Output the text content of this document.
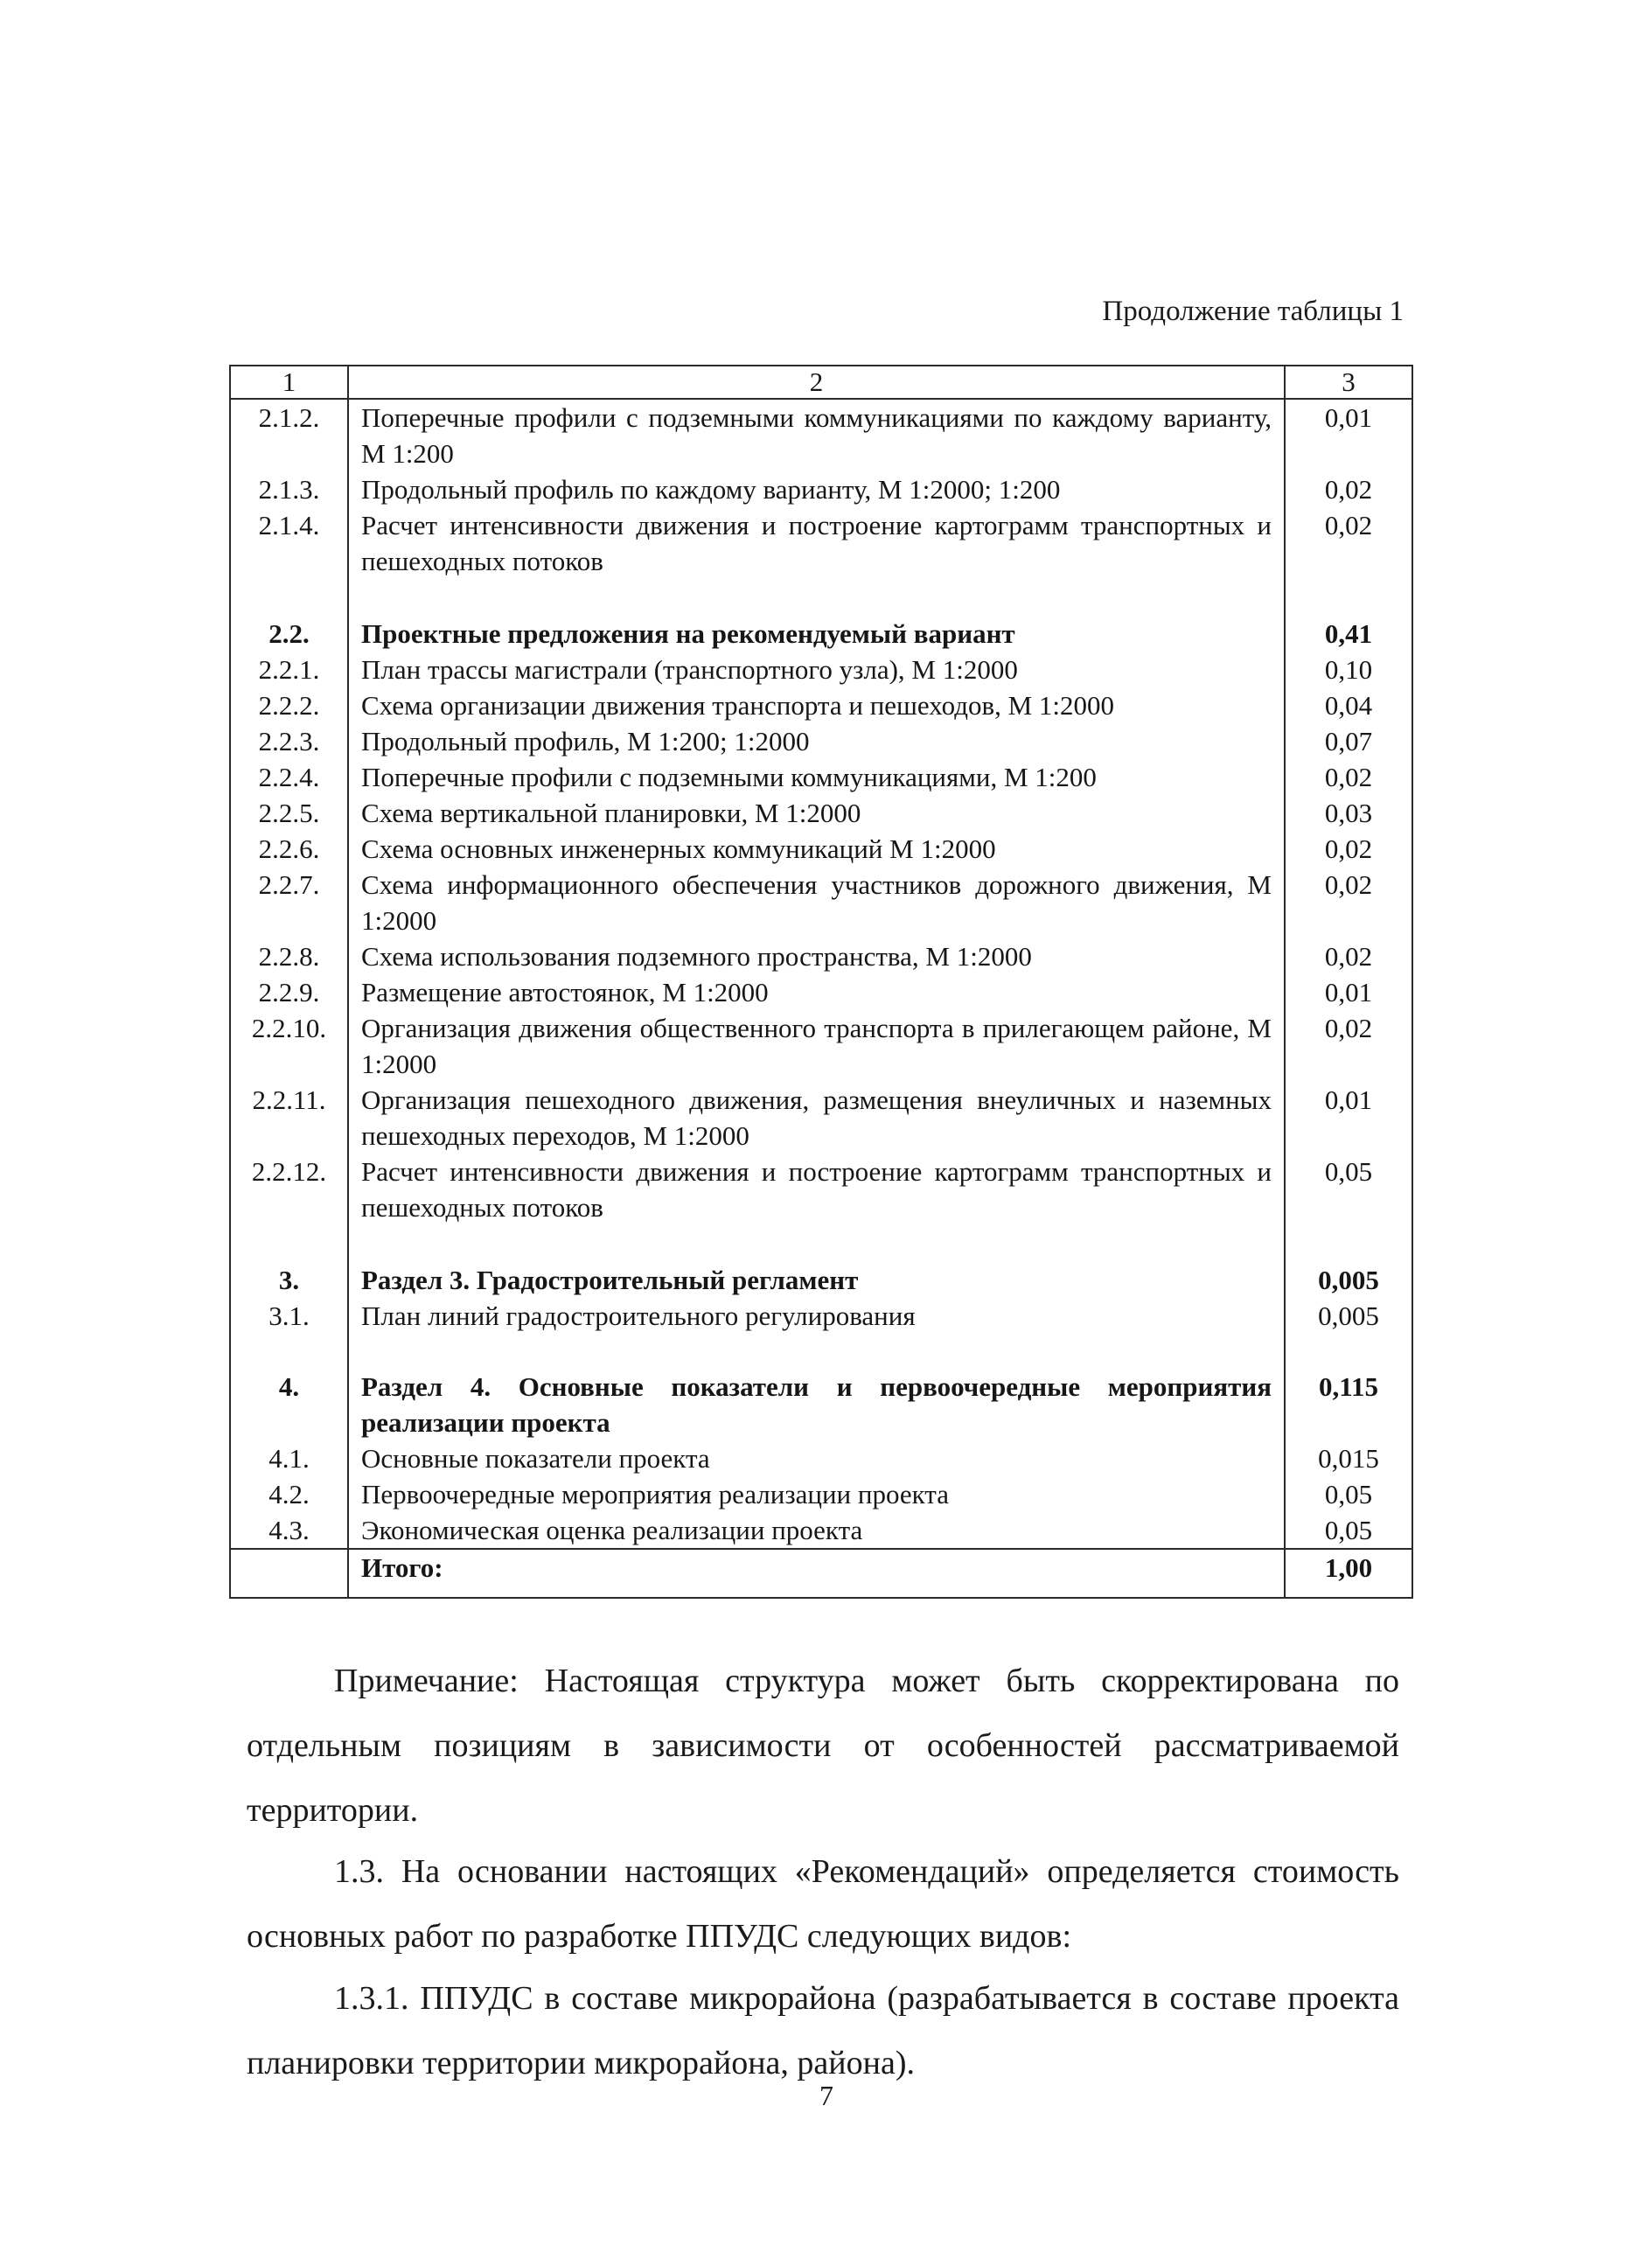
Продолжение таблицы 1
1	2	3
2.1.2.	Поперечные профили с подземными коммуникациями по каждому варианту, М 1:200	0,01
2.1.3.	Продольный профиль по каждому варианту, М 1:2000; 1:200	0,02
2.1.4.	Расчет интенсивности движения и построение картограмм транспортных и пешеходных потоков	0,02

2.2.	Проектные предложения на рекомендуемый вариант	0,41
2.2.1.	План трассы магистрали (транспортного узла), М 1:2000	0,10
2.2.2.	Схема организации движения транспорта и пешеходов, М 1:2000	0,04
2.2.3.	Продольный профиль, М 1:200; 1:2000	0,07
2.2.4.	Поперечные профили с подземными коммуникациями, М 1:200	0,02
2.2.5.	Схема вертикальной планировки, М 1:2000	0,03
2.2.6.	Схема основных инженерных коммуникаций М 1:2000	0,02
2.2.7.	Схема информационного обеспечения участников дорожного движения, М 1:2000	0,02
2.2.8.	Схема использования подземного пространства, М 1:2000	0,02
2.2.9.	Размещение автостоянок, М 1:2000	0,01
2.2.10.	Организация движения общественного транспорта в прилегающем районе, М 1:2000	0,02
2.2.11.	Организация пешеходного движения, размещения внеуличных и наземных пешеходных переходов, М 1:2000	0,01
2.2.12.	Расчет интенсивности движения и построение картограмм транспортных и пешеходных потоков	0,05

3.	Раздел 3. Градостроительный регламент	0,005
3.1.	План линий градостроительного регулирования	0,005

4.	Раздел 4. Основные показатели и первоочередные мероприятия реализации проекта	0,115
4.1.	Основные показатели проекта	0,015
4.2.	Первоочередные мероприятия реализации проекта	0,05
4.3.	Экономическая оценка реализации проекта	0,05
	Итого:	1,00

Примечание: Настоящая структура может быть скорректирована по отдельным позициям в зависимости от особенностей рассматриваемой территории.

1.3. На основании настоящих «Рекомендаций» определяется стоимость основных работ по разработке ППУДС следующих видов:

1.3.1. ППУДС в составе микрорайона (разрабатывается в составе проекта планировки территории микрорайона, района).

7
